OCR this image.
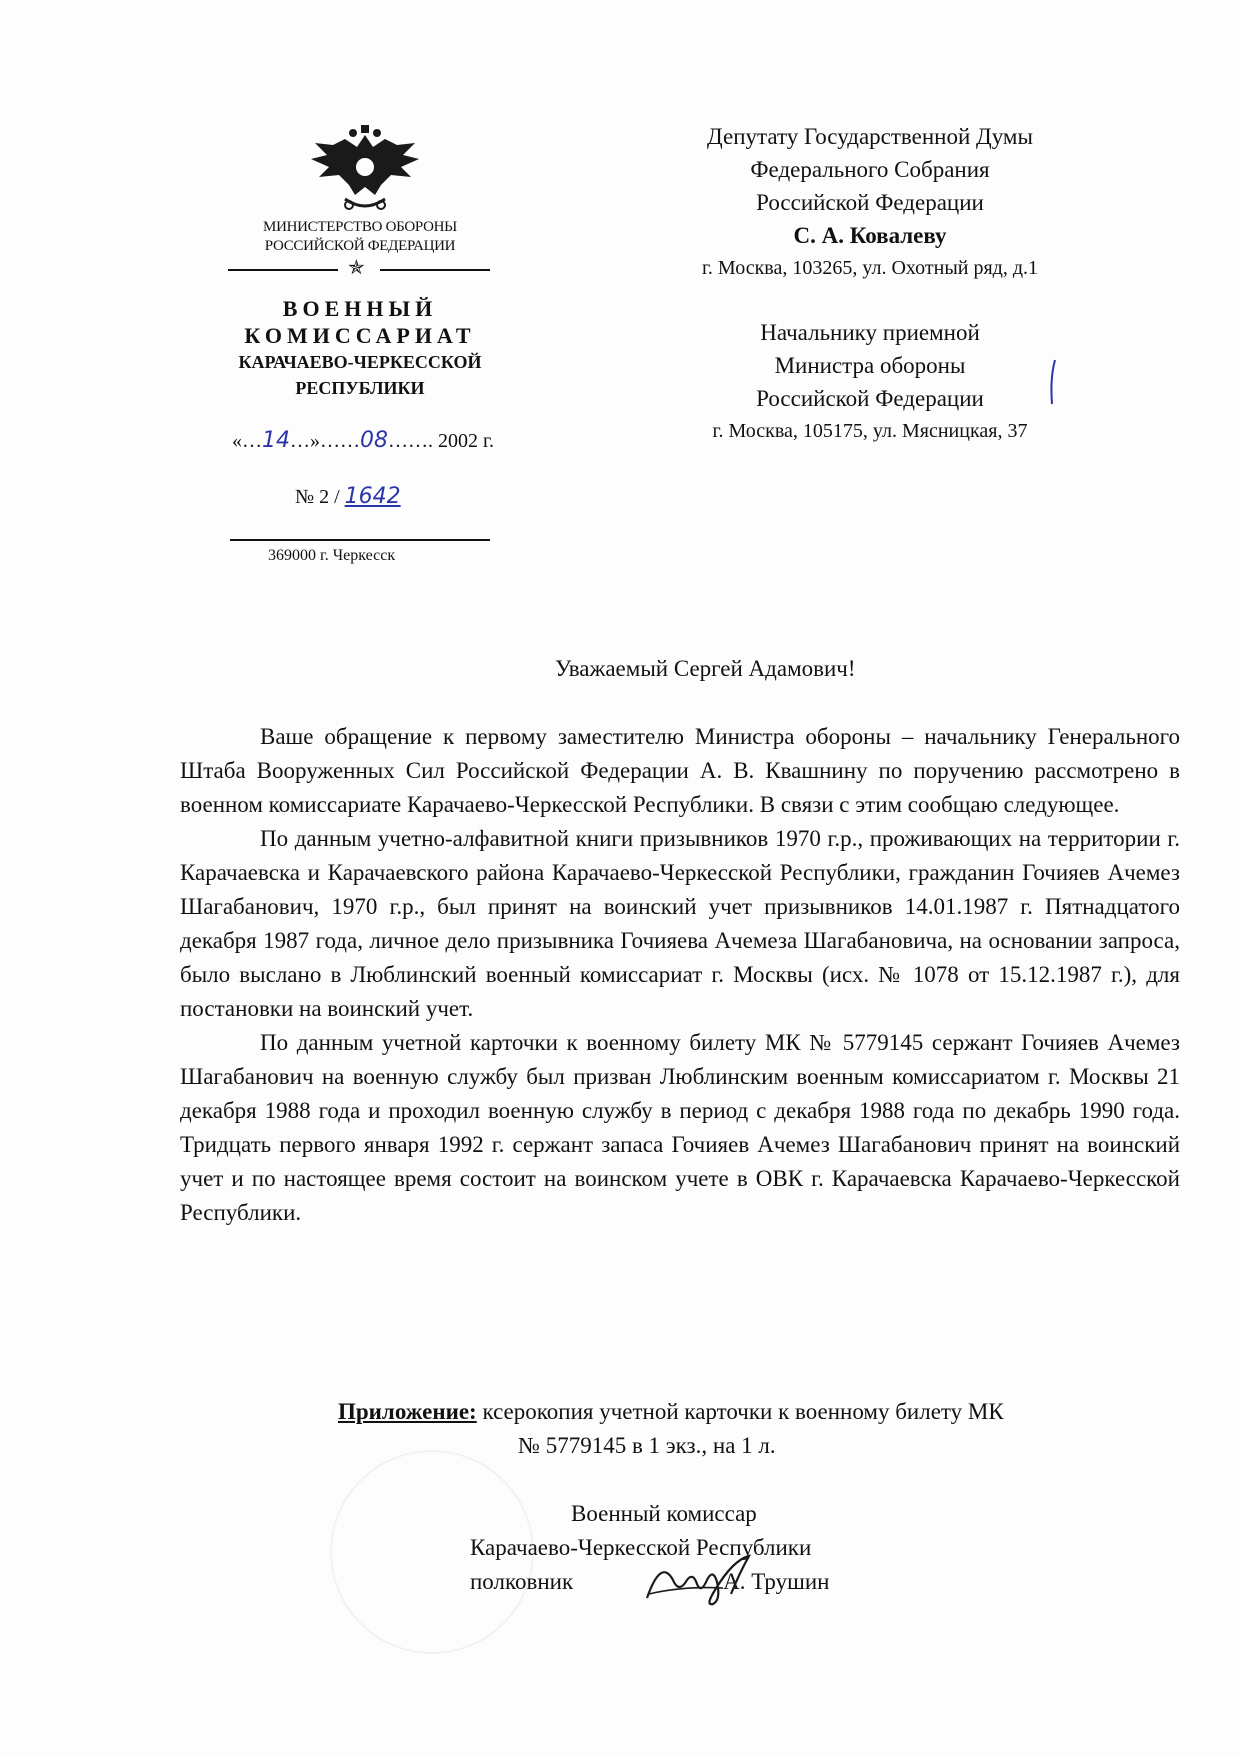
МИНИСТЕРСТВО ОБОРОНЫ
РОССИЙСКОЙ ФЕДЕРАЦИИ
✯
ВОЕННЫЙ
КОМИССАРИАТ
КАРАЧАЕВО-ЧЕРКЕССКОЙ
РЕСПУБЛИКИ
«…14…»……08……. 2002 г.
№ 2 / 1642
369000 г. Черкесск
Депутату Государственной Думы
Федерального Собрания
Российской Федерации
С. А. Ковалеву
г. Москва, 103265, ул. Охотный ряд, д.1
Начальнику приемной
Министра обороны
Российской Федерации
г. Москва, 105175, ул. Мясницкая, 37
Уважаемый Сергей Адамович!

Ваше обращение к первому заместителю Министра обороны – начальнику Генерального Штаба Вооруженных Сил Российской Федерации А. В. Квашнину по поручению рассмотрено в военном комиссариате Карачаево-Черкесской Республики. В связи с этим сообщаю следующее.

По данным учетно-алфавитной книги призывников 1970 г.р., проживающих на территории г. Карачаевска и Карачаевского района Карачаево-Черкесской Республики, гражданин Гочияев Ачемез Шагабанович, 1970 г.р., был принят на воинский учет призывников 14.01.1987 г. Пятнадцатого декабря 1987 года, личное дело призывника Гочияева Ачемеза Шагабановича, на основании запроса, было выслано в Люблинский военный комиссариат г. Москвы (исх. № 1078 от 15.12.1987 г.), для постановки на воинский учет.

По данным учетной карточки к военному билету МК № 5779145 сержант Гочияев Ачемез Шагабанович на военную службу был призван Люблинским военным комиссариатом г. Москвы 21 декабря 1988 года и проходил военную службу в период с декабря 1988 года по декабрь 1990 года. Тридцать первого января 1992 г. сержант запаса Гочияев Ачемез Шагабанович принят на воинский учет и по настоящее время состоит на воинском учете в ОВК г. Карачаевска Карачаево-Черкесской Республики.

Приложение: ксерокопия учетной карточки к военному билету МК
№ 5779145 в 1 экз., на 1 л.
Военный комиссар
Карачаево-Черкесской Республики
полковник	А. Трушин
